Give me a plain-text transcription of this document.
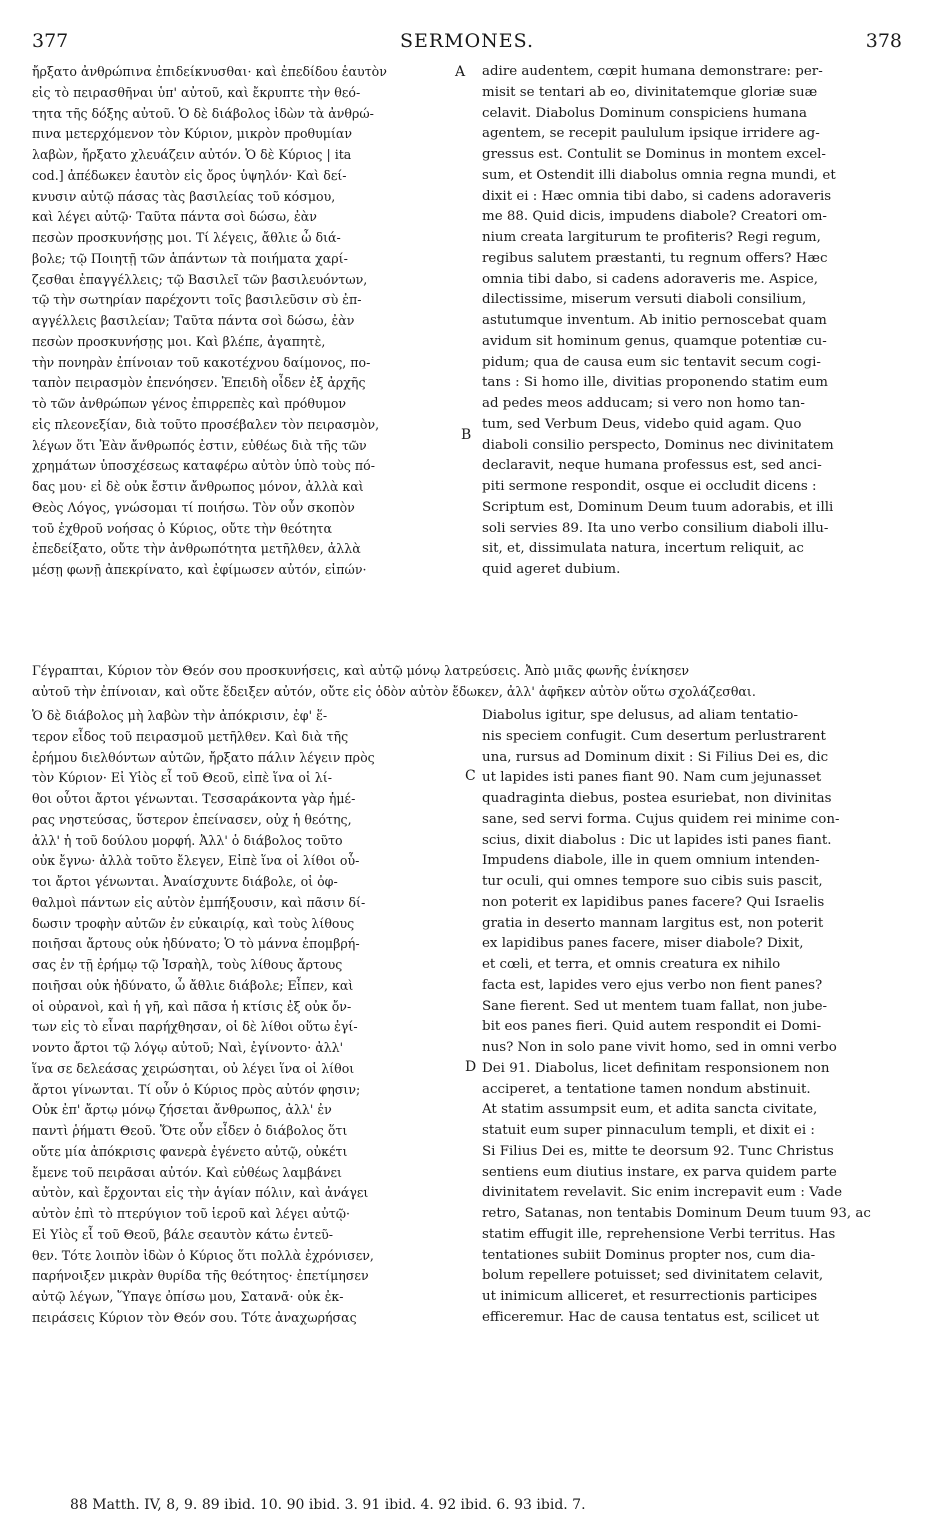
377	SERMONES.	378
ἤρξατο ἀνθρώπινα ἐπιδείκνυσθαι· καὶ ἐπεδίδου ἑαυτὸν
εἰς τὸ πειρασθῆναι ὑπ' αὐτοῦ, καὶ ἔκρυπτε τὴν θεό-
τητα τῆς δόξης αὐτοῦ. Ὁ δὲ διάβολος ἰδὼν τὰ ἀνθρώ-
πινα μετερχόμενον τὸν Κύριον, μικρὸν προθυμίαν
λαβὼν, ἤρξατο χλευάζειν αὐτόν. Ὁ δὲ Κύριος | ita
cod.] ἀπέδωκεν ἑαυτὸν εἰς ὄρος ὑψηλόν· Καὶ δεί-
κνυσιν αὐτῷ πάσας τὰς βασιλείας τοῦ κόσμου,
καὶ λέγει αὐτῷ· Ταῦτα πάντα σοὶ δώσω, ἐὰν
πεσὼν προσκυνήσῃς μοι. Τί λέγεις, ἄθλιε ὦ διά-
βολε; τῷ Ποιητῇ τῶν ἁπάντων τὰ ποιήματα χαρί-
ζεσθαι ἐπαγγέλλεις; τῷ Βασιλεῖ τῶν βασιλευόντων,
τῷ τὴν σωτηρίαν παρέχοντι τοῖς βασιλεῦσιν σὺ ἐπ-
αγγέλλεις βασιλείαν; Ταῦτα πάντα σοὶ δώσω, ἐὰν
πεσὼν προσκυνήσῃς μοι. Καὶ βλέπε, ἀγαπητὲ,
τὴν πονηρὰν ἐπίνοιαν τοῦ κακοτέχνου δαίμονος, πο-
ταπὸν πειρασμὸν ἐπενόησεν. Ἐπειδὴ οἶδεν ἐξ ἀρχῆς
τὸ τῶν ἀνθρώπων γένος ἐπιρρεπὲς καὶ πρόθυμον
εἰς πλεονεξίαν, διὰ τοῦτο προσέβαλεν τὸν πειρασμὸν,
λέγων ὅτι Ἐὰν ἄνθρωπός ἐστιν, εὐθέως διὰ τῆς τῶν
χρημάτων ὑποσχέσεως καταφέρω αὐτὸν ὑπὸ τοὺς πό-
δας μου· εἰ δὲ οὐκ ἔστιν ἄνθρωπος μόνον, ἀλλὰ καὶ
Θεὸς Λόγος, γνώσομαι τί ποιήσω. Τὸν οὖν σκοπὸν
τοῦ ἐχθροῦ νοήσας ὁ Κύριος, οὔτε τὴν θεότητα
ἐπεδείξατο, οὔτε τὴν ἀνθρωπότητα μετῆλθεν, ἀλλὰ
μέσῃ φωνῇ ἀπεκρίνατο, καὶ ἐφίμωσεν αὐτόν, εἰπών·
adire audentem, cœpit humana demonstrare: per-
misit se tentari ab eo, divinitatemque gloriæ suæ
celavit. Diabolus Dominum conspiciens humana
agentem, se recepit paululum ipsique irridere ag-
gressus est. Contulit se Dominus in montem excel-
sum, et Ostendit illi diabolus omnia regna mundi, et
dixit ei : Hæc omnia tibi dabo, si cadens adoraveris
me 88. Quid dicis, impudens diabole? Creatori om-
nium creata largiturum te profiteris? Regi regum,
regibus salutem præstanti, tu regnum offers? Hæc
omnia tibi dabo, si cadens adoraveris me. Aspice,
dilectissime, miserum versuti diaboli consilium,
astutumque inventum. Ab initio pernoscebat quam
avidum sit hominum genus, quamque potentiæ cu-
pidum; qua de causa eum sic tentavit secum cogi-
tans : Si homo ille, divitias proponendo statim eum
ad pedes meos adducam; si vero non homo tan-
tum, sed Verbum Deus, videbo quid agam. Quo
diaboli consilio perspecto, Dominus nec divinitatem
declaravit, neque humana professus est, sed anci-
piti sermone respondit, osque ei occludit dicens :
Scriptum est, Dominum Deum tuum adorabis, et illi
soli servies 89. Ita uno verbo consilium diaboli illu-
sit, et, dissimulata natura, incertum reliquit, ac
quid ageret dubium.
Γέγραπται, Κύριον τὸν Θεόν σου προσκυνήσεις, καὶ αὐτῷ μόνῳ λατρεύσεις. Ἀπὸ μιᾶς φωνῆς ἐνίκησεν
αὐτοῦ τὴν ἐπίνοιαν, καὶ οὔτε ἔδειξεν αὐτόν, οὔτε εἰς ὁδὸν αὐτὸν ἔδωκεν, ἀλλ' ἀφῆκεν αὐτὸν οὕτω σχολάζεσθαι.
Ὁ δὲ διάβολος μὴ λαβὼν τὴν ἀπόκρισιν, ἐφ' ἕ-
τερον εἶδος τοῦ πειρασμοῦ μετῆλθεν. Καὶ διὰ τῆς
ἐρήμου διελθόντων αὐτῶν, ἤρξατο πάλιν λέγειν πρὸς
τὸν Κύριον· Εἰ Υἱὸς εἶ τοῦ Θεοῦ, εἰπὲ ἵνα οἱ λί-
θοι οὗτοι ἄρτοι γένωνται. Τεσσαράκοντα γὰρ ἡμέ-
ρας νηστεύσας, ὕστερον ἐπείνασεν, οὐχ ἡ θεότης,
ἀλλ' ἡ τοῦ δούλου μορφή. Ἀλλ' ὁ διάβολος τοῦτο
οὐκ ἔγνω· ἀλλὰ τοῦτο ἔλεγεν, Εἰπὲ ἵνα οἱ λίθοι οὗ-
τοι ἄρτοι γένωνται. Ἀναίσχυντε διάβολε, οἱ ὀφ-
θαλμοὶ πάντων εἰς αὐτὸν ἐμπήξουσιν, καὶ πᾶσιν δί-
δωσιν τροφὴν αὐτῶν ἐν εὐκαιρίᾳ, καὶ τοὺς λίθους
ποιῆσαι ἄρτους οὐκ ἠδύνατο; Ὁ τὸ μάννα ἐπομβρή-
σας ἐν τῇ ἐρήμῳ τῷ Ἰσραὴλ, τοὺς λίθους ἄρτους
ποιῆσαι οὐκ ἠδύνατο, ὦ ἄθλιε διάβολε; Εἶπεν, καὶ
οἱ οὐρανοὶ, καὶ ἡ γῆ, καὶ πᾶσα ἡ κτίσις ἐξ οὐκ ὄν-
των εἰς τὸ εἶναι παρήχθησαν, οἱ δὲ λίθοι οὕτω ἐγί-
νοντο ἄρτοι τῷ λόγῳ αὐτοῦ; Ναὶ, ἐγίνοντο· ἀλλ'
ἵνα σε δελεάσας χειρώσηται, οὐ λέγει ἵνα οἱ λίθοι
ἄρτοι γίνωνται. Τί οὖν ὁ Κύριος πρὸς αὐτόν φησιν;
Οὐκ ἐπ' ἄρτῳ μόνῳ ζήσεται ἄνθρωπος, ἀλλ' ἐν
παντὶ ῥήματι Θεοῦ. Ὅτε οὖν εἶδεν ὁ διάβολος ὅτι
οὔτε μία ἀπόκρισις φανερὰ ἐγένετο αὐτῷ, οὐκέτι
ἔμενε τοῦ πειρᾶσαι αὐτόν. Καὶ εὐθέως λαμβάνει
αὐτὸν, καὶ ἔρχονται εἰς τὴν ἁγίαν πόλιν, καὶ ἀνάγει
αὐτὸν ἐπὶ τὸ πτερύγιον τοῦ ἱεροῦ καὶ λέγει αὐτῷ·
Εἰ Υἱὸς εἶ τοῦ Θεοῦ, βάλε σεαυτὸν κάτω ἐντεῦ-
θεν. Τότε λοιπὸν ἰδὼν ὁ Κύριος ὅτι πολλὰ ἐχρόνισεν,
παρήνοιξεν μικρὰν θυρίδα τῆς θεότητος· ἐπετίμησεν
αὐτῷ λέγων, Ὕπαγε ὀπίσω μου, Σατανᾶ· οὐκ ἐκ-
πειράσεις Κύριον τὸν Θεόν σου. Τότε ἀναχωρήσας
Diabolus igitur, spe delusus, ad aliam tentatio-
nis speciem confugit. Cum desertum perlustrarent
una, rursus ad Dominum dixit : Si Filius Dei es, dic
ut lapides isti panes fiant 90. Nam cum jejunasset
quadraginta diebus, postea esuriebat, non divinitas
sane, sed servi forma. Cujus quidem rei minime con-
scius, dixit diabolus : Dic ut lapides isti panes fiant.
Impudens diabole, ille in quem omnium intenden-
tur oculi, qui omnes tempore suo cibis suis pascit,
non poterit ex lapidibus panes facere? Qui Israelis
gratia in deserto mannam largitus est, non poterit
ex lapidibus panes facere, miser diabole? Dixit,
et cœli, et terra, et omnis creatura ex nihilo
facta est, lapides vero ejus verbo non fient panes?
Sane fierent. Sed ut mentem tuam fallat, non jube-
bit eos panes fieri. Quid autem respondit ei Domi-
nus? Non in solo pane vivit homo, sed in omni verbo
Dei 91. Diabolus, licet definitam responsionem non
acciperet, a tentatione tamen nondum abstinuit.
At statim assumpsit eum, et adita sancta civitate,
statuit eum super pinnaculum templi, et dixit ei :
Si Filius Dei es, mitte te deorsum 92. Tunc Christus
sentiens eum diutius instare, ex parva quidem parte
divinitatem revelavit. Sic enim increpavit eum : Vade
retro, Satanas, non tentabis Dominum Deum tuum 93, ac
statim effugit ille, reprehensione Verbi territus. Has
tentationes subiit Dominus propter nos, cum dia-
bolum repellere potuisset; sed divinitatem celavit,
ut inimicum alliceret, et resurrectionis participes
efficeremur. Hac de causa tentatus est, scilicet ut
A
B
C
D
88 Matth. IV, 8, 9. 89 ibid. 10. 90 ibid. 3. 91 ibid. 4. 92 ibid. 6. 93 ibid. 7.
